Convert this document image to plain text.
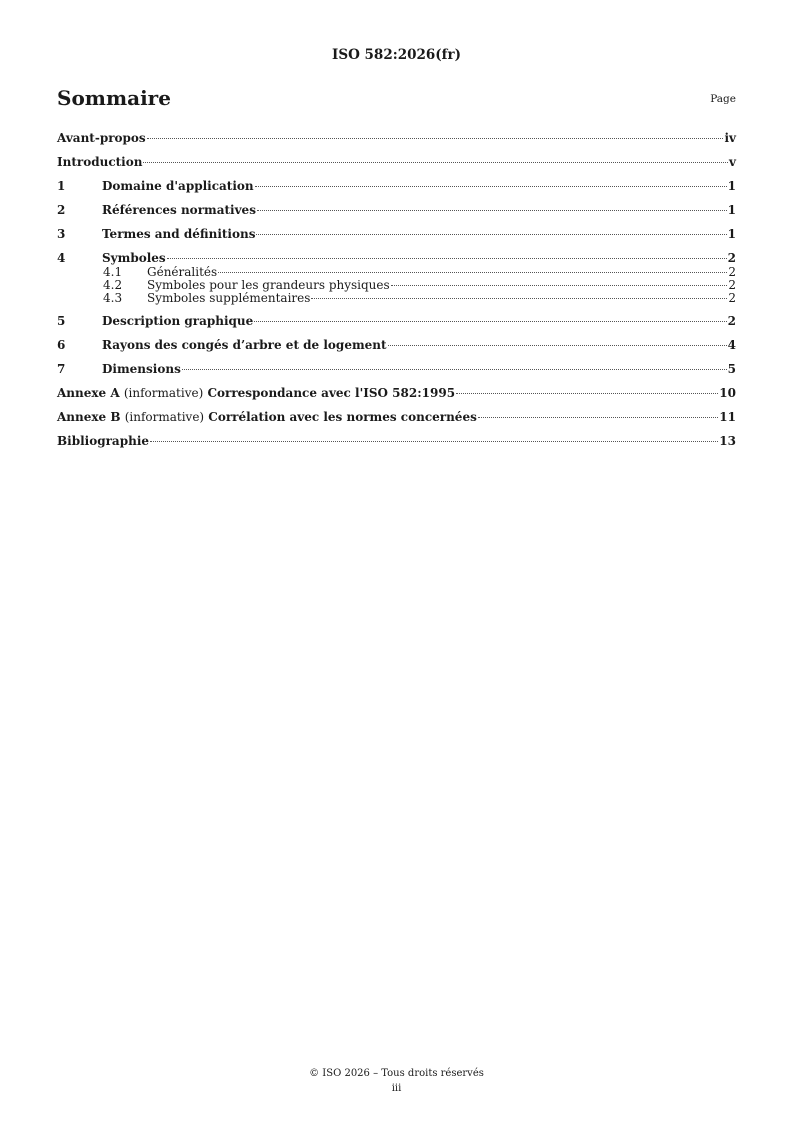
ISO 582:2026(fr)
Sommaire	Page
Avant-propos	iv
Introduction	v
1	Domaine d'application	1
2	Références normatives	1
3	Termes and définitions	1
4	Symboles	2
4.1	Généralités	2
4.2	Symboles pour les grandeurs physiques	2
4.3	Symboles supplémentaires	2
5	Description graphique	2
6	Rayons des congés d’arbre et de logement	4
7	Dimensions	5
Annexe A (informative) Correspondance avec l'ISO 582:1995	10
Annexe B (informative) Corrélation avec les normes concernées	11
Bibliographie	13
© ISO 2026 – Tous droits réservés
iii
